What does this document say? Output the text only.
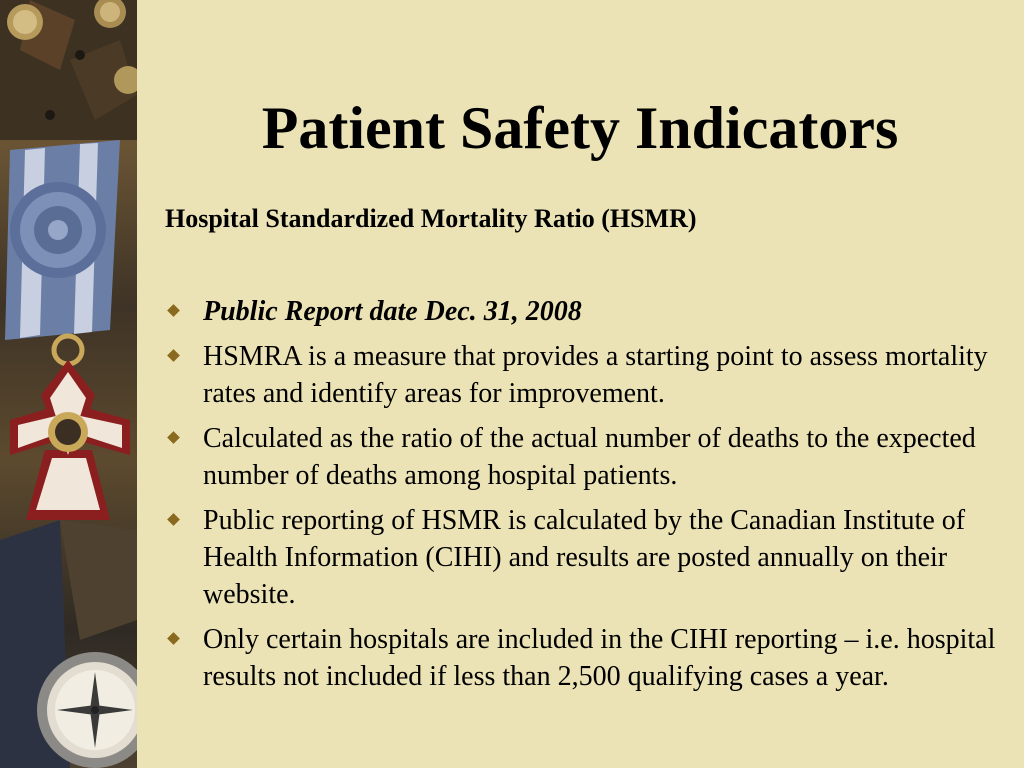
Patient Safety Indicators
Hospital Standardized Mortality Ratio (HSMR)
Public Report date Dec. 31, 2008
HSMRA is a measure that provides a starting point to assess mortality rates and identify areas for improvement.
Calculated as the ratio of the actual number of deaths to the expected number of deaths among hospital patients.
Public reporting of HSMR is calculated by the Canadian Institute of Health Information (CIHI) and results are posted annually on their website.
Only certain hospitals are included in the CIHI reporting – i.e. hospital results not included if less than 2,500 qualifying cases a year.
